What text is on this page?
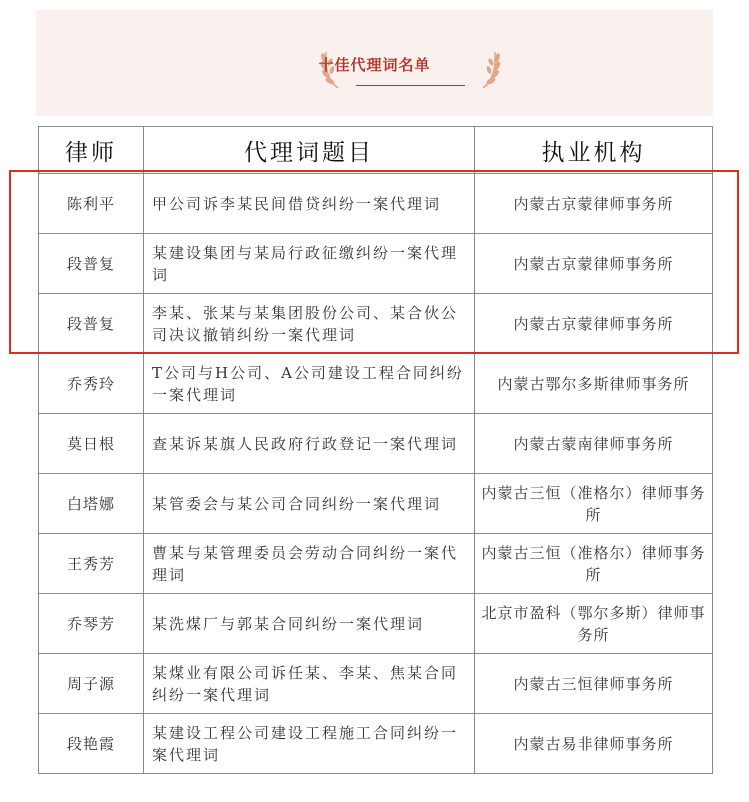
十佳代理词名单
律师	代理词题目	执业机构
陈利平	甲公司诉李某民间借贷纠纷一案代理词	内蒙古京蒙律师事务所
段普复	某建设集团与某局行政征缴纠纷一案代理词	内蒙古京蒙律师事务所
段普复	李某、张某与某集团股份公司、某合伙公司决议撤销纠纷一案代理词	内蒙古京蒙律师事务所
乔秀玲	T公司与H公司、A公司建设工程合同纠纷一案代理词	内蒙古鄂尔多斯律师事务所
莫日根	查某诉某旗人民政府行政登记一案代理词	内蒙古蒙南律师事务所
白塔娜	某管委会与某公司合同纠纷一案代理词	内蒙古三恒（准格尔）律师事务所
王秀芳	曹某与某管理委员会劳动合同纠纷一案代理词	内蒙古三恒（准格尔）律师事务所
乔琴芳	某洗煤厂与郭某合同纠纷一案代理词	北京市盈科（鄂尔多斯）律师事务所
周子源	某煤业有限公司诉任某、李某、焦某合同纠纷一案代理词	内蒙古三恒律师事务所
段艳霞	某建设工程公司建设工程施工合同纠纷一案代理词	内蒙古易非律师事务所
